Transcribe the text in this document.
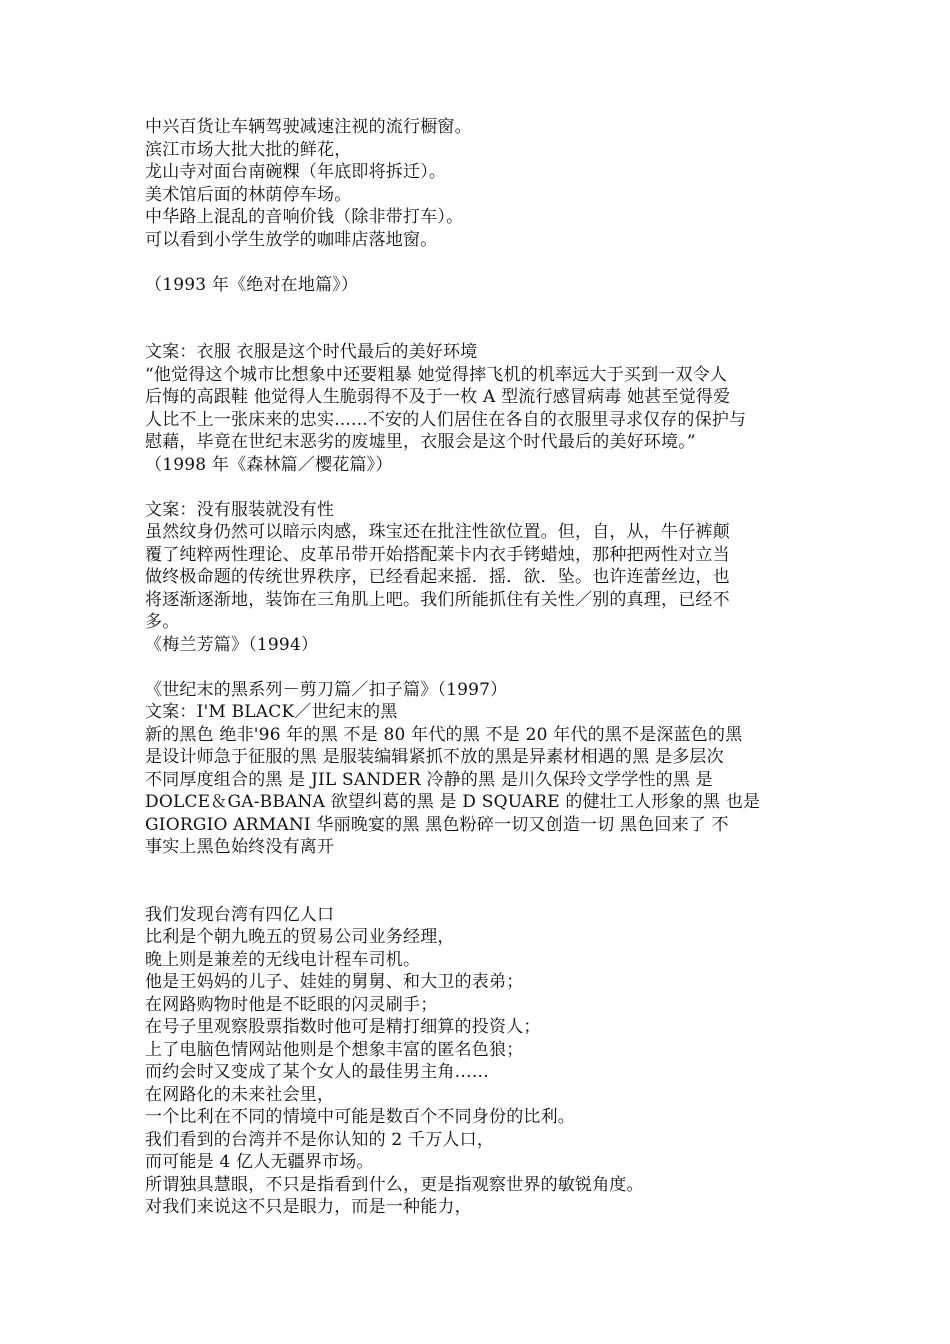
中兴百货让车辆驾驶减速注视的流行橱窗。
滨江市场大批大批的鲜花，
龙山寺对面台南碗粿（年底即将拆迁）。
美术馆后面的林荫停车场。
中华路上混乱的音响价钱（除非带打车）。
可以看到小学生放学的咖啡店落地窗。
（1993 年《绝对在地篇》）
文案：衣服 衣服是这个时代最后的美好环境
“他觉得这个城市比想象中还要粗暴 她觉得摔飞机的机率远大于买到一双令人
后悔的高跟鞋 他觉得人生脆弱得不及于一枚 A 型流行感冒病毒 她甚至觉得爱
人比不上一张床来的忠实......不安的人们居住在各自的衣服里寻求仅存的保护与
慰藉，毕竟在世纪末恶劣的废墟里，衣服会是这个时代最后的美好环境。”
（1998 年《森林篇／樱花篇》）
文案：没有服装就没有性
虽然纹身仍然可以暗示肉感，珠宝还在批注性欲位置。但，自，从，牛仔裤颠
覆了纯粹两性理论、皮革吊带开始搭配莱卡内衣手铐蜡烛，那种把两性对立当
做终极命题的传统世界秩序，已经看起来摇．摇．欲．坠。也许连蕾丝边，也
将逐渐逐渐地，装饰在三角肌上吧。我们所能抓住有关性／别的真理，已经不
多。
《梅兰芳篇》（1994）
《世纪末的黑系列－剪刀篇／扣子篇》（1997）
文案：I'M BLACK／世纪末的黑
新的黑色 绝非'96 年的黑 不是 80 年代的黑 不是 20 年代的黑不是深蓝色的黑
是设计师急于征服的黑 是服装编辑紧抓不放的黑是异素材相遇的黑 是多层次
不同厚度组合的黑 是 JIL SANDER 冷静的黑 是川久保玲文学学性的黑 是
DOLCE＆GA-BBANA 欲望纠葛的黑 是 D SQUARE 的健壮工人形象的黑 也是
GIORGIO ARMANI 华丽晚宴的黑 黑色粉碎一切又创造一切 黑色回来了 不
事实上黑色始终没有离开
我们发现台湾有四亿人口
比利是个朝九晚五的贸易公司业务经理，
晚上则是兼差的无线电计程车司机。
他是王妈妈的儿子、娃娃的舅舅、和大卫的表弟；
在网路购物时他是不眨眼的闪灵刷手；
在号子里观察股票指数时他可是精打细算的投资人；
上了电脑色情网站他则是个想象丰富的匿名色狼；
而约会时又变成了某个女人的最佳男主角……
在网路化的未来社会里，
一个比利在不同的情境中可能是数百个不同身份的比利。
我们看到的台湾并不是你认知的 2 千万人口，
而可能是 4 亿人无疆界市场。
所谓独具慧眼，不只是指看到什么，更是指观察世界的敏锐角度。
对我们来说这不只是眼力，而是一种能力，
